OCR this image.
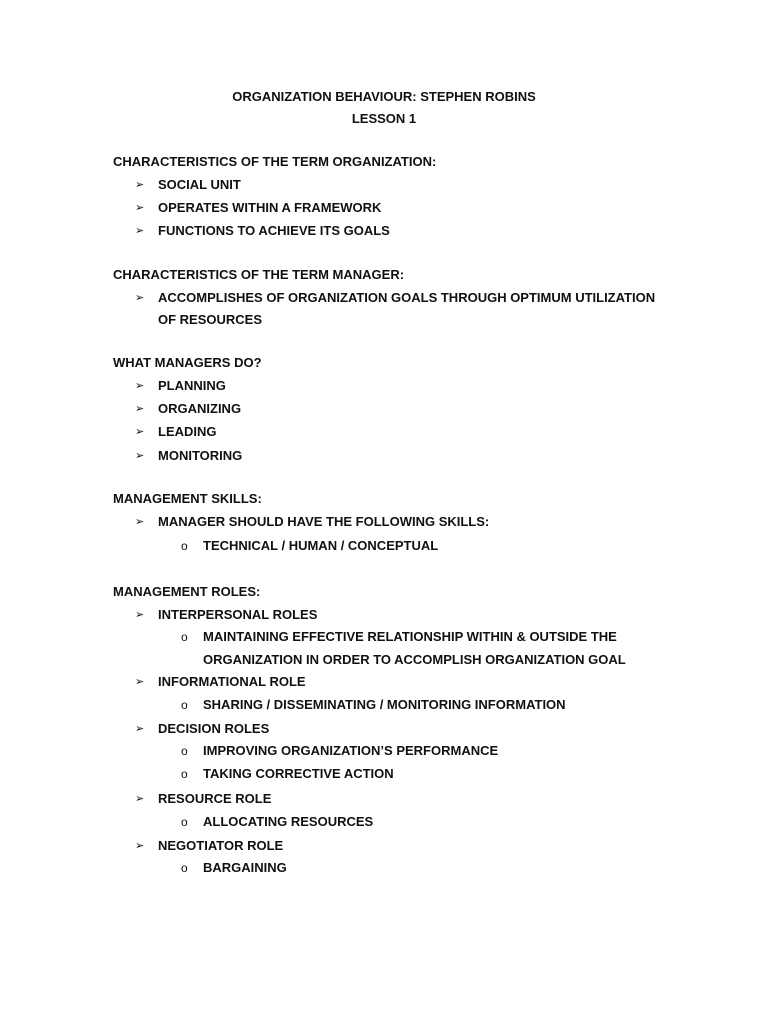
ORGANIZATION BEHAVIOUR: STEPHEN ROBINS
LESSON 1
CHARACTERISTICS OF THE TERM ORGANIZATION:
➢ SOCIAL UNIT
➢ OPERATES WITHIN A FRAMEWORK
➢ FUNCTIONS TO ACHIEVE ITS GOALS
CHARACTERISTICS OF THE TERM MANAGER:
➢ ACCOMPLISHES OF ORGANIZATION GOALS THROUGH OPTIMUM UTILIZATION
OF RESOURCES
WHAT MANAGERS DO?
➢ PLANNING
➢ ORGANIZING
➢ LEADING
➢ MONITORING
MANAGEMENT SKILLS:
➢ MANAGER SHOULD HAVE THE FOLLOWING SKILLS:
o TECHNICAL / HUMAN / CONCEPTUAL
MANAGEMENT ROLES:
➢ INTERPERSONAL ROLES
o MAINTAINING EFFECTIVE RELATIONSHIP WITHIN & OUTSIDE THE
ORGANIZATION IN ORDER TO ACCOMPLISH ORGANIZATION GOAL
➢ INFORMATIONAL ROLE
o SHARING / DISSEMINATING / MONITORING INFORMATION
➢ DECISION ROLES
o IMPROVING ORGANIZATION’S PERFORMANCE
o TAKING CORRECTIVE ACTION
➢ RESOURCE ROLE
o ALLOCATING RESOURCES
➢ NEGOTIATOR ROLE
o BARGAINING
